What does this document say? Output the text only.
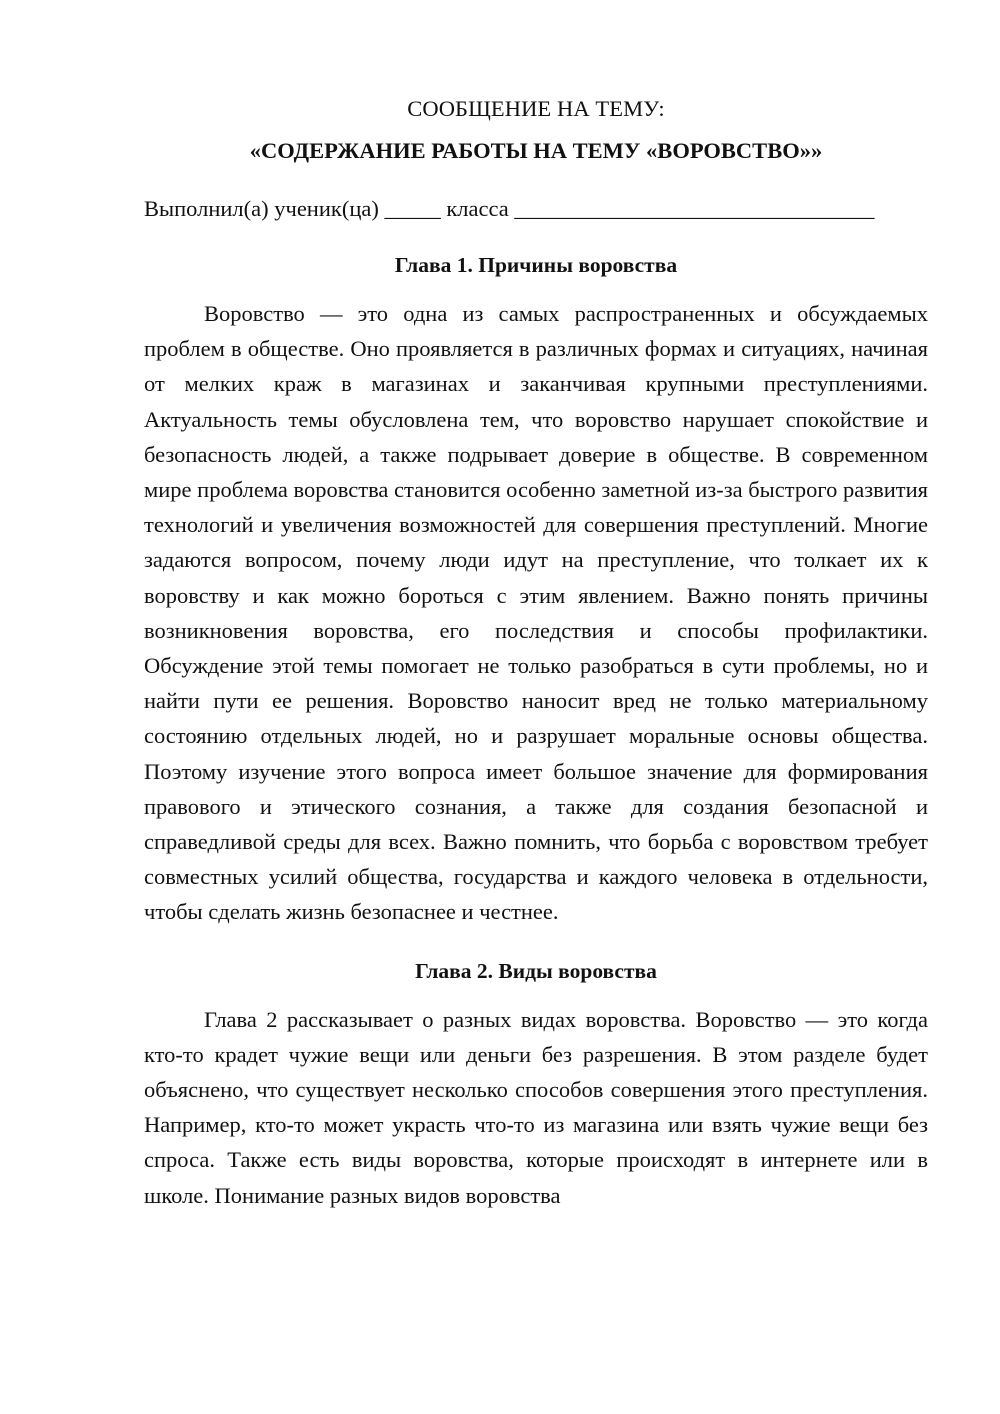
СООБЩЕНИЕ НА ТЕМУ:
«СОДЕРЖАНИЕ РАБОТЫ НА ТЕМУ «ВОРОВСТВО»»

Выполнил(а) ученик(ца) _____ класса ________________________________

Глава 1. Причины воровства

Воровство — это одна из самых распространенных и обсуждаемых проблем в обществе. Оно проявляется в различных формах и ситуациях, начиная от мелких краж в магазинах и заканчивая крупными преступлениями. Актуальность темы обусловлена тем, что воровство нарушает спокойствие и безопасность людей, а также подрывает доверие в обществе. В современном мире проблема воровства становится особенно заметной из-за быстрого развития технологий и увеличения возможностей для совершения преступлений. Многие задаются вопросом, почему люди идут на преступление, что толкает их к воровству и как можно бороться с этим явлением. Важно понять причины возникновения воровства, его последствия и способы профилактики. Обсуждение этой темы помогает не только разобраться в сути проблемы, но и найти пути ее решения. Воровство наносит вред не только материальному состоянию отдельных людей, но и разрушает моральные основы общества. Поэтому изучение этого вопроса имеет большое значение для формирования правового и этического сознания, а также для создания безопасной и справедливой среды для всех. Важно помнить, что борьба с воровством требует совместных усилий общества, государства и каждого человека в отдельности, чтобы сделать жизнь безопаснее и честнее.

Глава 2. Виды воровства

Глава 2 рассказывает о разных видах воровства. Воровство — это когда кто-то крадет чужие вещи или деньги без разрешения. В этом разделе будет объяснено, что существует несколько способов совершения этого преступления. Например, кто-то может украсть что-то из магазина или взять чужие вещи без спроса. Также есть виды воровства, которые происходят в интернете или в школе. Понимание разных видов воровства
